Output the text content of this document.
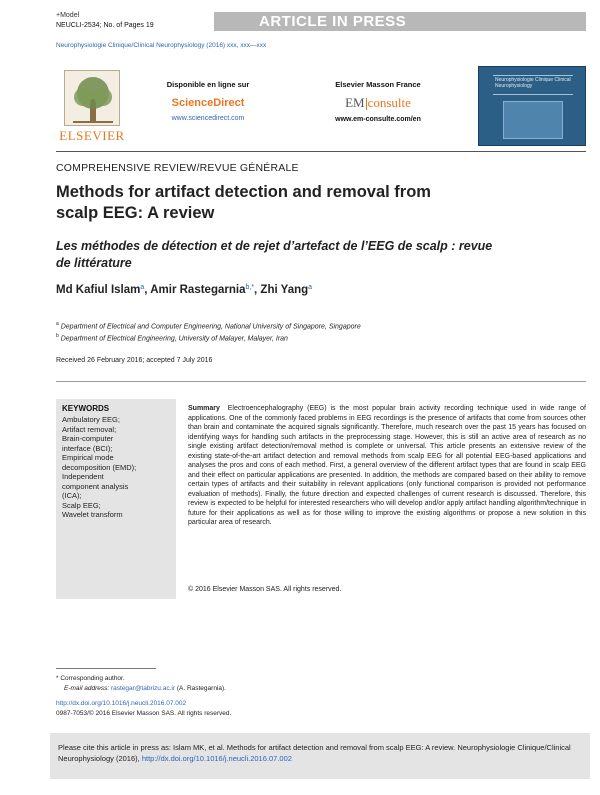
+Model
NEUCLI-2534; No. of Pages 19	ARTICLE IN PRESS
Neurophysiologie Clinique/Clinical Neurophysiology (2016) xxx, xxx—xxx
ELSEVIER
Disponible en ligne sur
ScienceDirect
www.sciencedirect.com
Elsevier Masson France
EM consulte
www.em-consulte.com/en
Neurophysiologie Clinique Clinical Neurophysiology
COMPREHENSIVE REVIEW/REVUE GÉNÉRALE
Methods for artifact detection and removal from scalp EEG: A review
Les méthodes de détection et de rejet d’artefact de l’EEG de scalp : revue de littérature
Md Kafiul Islam$^a$, Amir Rastegarnia$^{b,*}$, Zhi Yang$^a$
$^a$ Department of Electrical and Computer Engineering, National University of Singapore, Singapore
$^b$ Department of Electrical Engineering, University of Malayer, Malayer, Iran
Received 26 February 2016; accepted 7 July 2016
KEYWORDS
Ambulatory EEG;
Artifact removal;
Brain-computer
interface (BCI);
Empirical mode
decomposition (EMD);
Independent
component analysis
(ICA);
Scalp EEG;
Wavelet transform
Summary Electroencephalography (EEG) is the most popular brain activity recording technique used in wide range of applications. One of the commonly faced problems in EEG recordings is the presence of artifacts that come from sources other than brain and contaminate the acquired signals significantly. Therefore, much research over the past 15 years has focused on identifying ways for handling such artifacts in the preprocessing stage. However, this is still an active area of research as no single existing artifact detection/removal method is complete or universal. This article presents an extensive review of the existing state-of-the-art artifact detection and removal methods from scalp EEG for all potential EEG-based applications and analyses the pros and cons of each method. First, a general overview of the different artifact types that are found in scalp EEG and their effect on particular applications are presented. In addition, the methods are compared based on their ability to remove certain types of artifacts and their suitability in relevant applications (only functional comparison is provided not performance evaluation of methods). Finally, the future direction and expected challenges of current research is discussed. Therefore, this review is expected to be helpful for interested researchers who will develop and/or apply artifact handling algorithm/technique in future for their applications as well as for those willing to improve the existing algorithms or propose a new solution in this particular area of research.
© 2016 Elsevier Masson SAS. All rights reserved.
* Corresponding author.
E-mail address: rastegar@tabrizu.ac.ir (A. Rastegarnia).
http://dx.doi.org/10.1016/j.neucli.2016.07.002
0987-7053/© 2016 Elsevier Masson SAS. All rights reserved.
Please cite this article in press as: Islam MK, et al. Methods for artifact detection and removal from scalp EEG: A review. Neurophysiologie Clinique/Clinical Neurophysiology (2016), http://dx.doi.org/10.1016/j.neucli.2016.07.002
